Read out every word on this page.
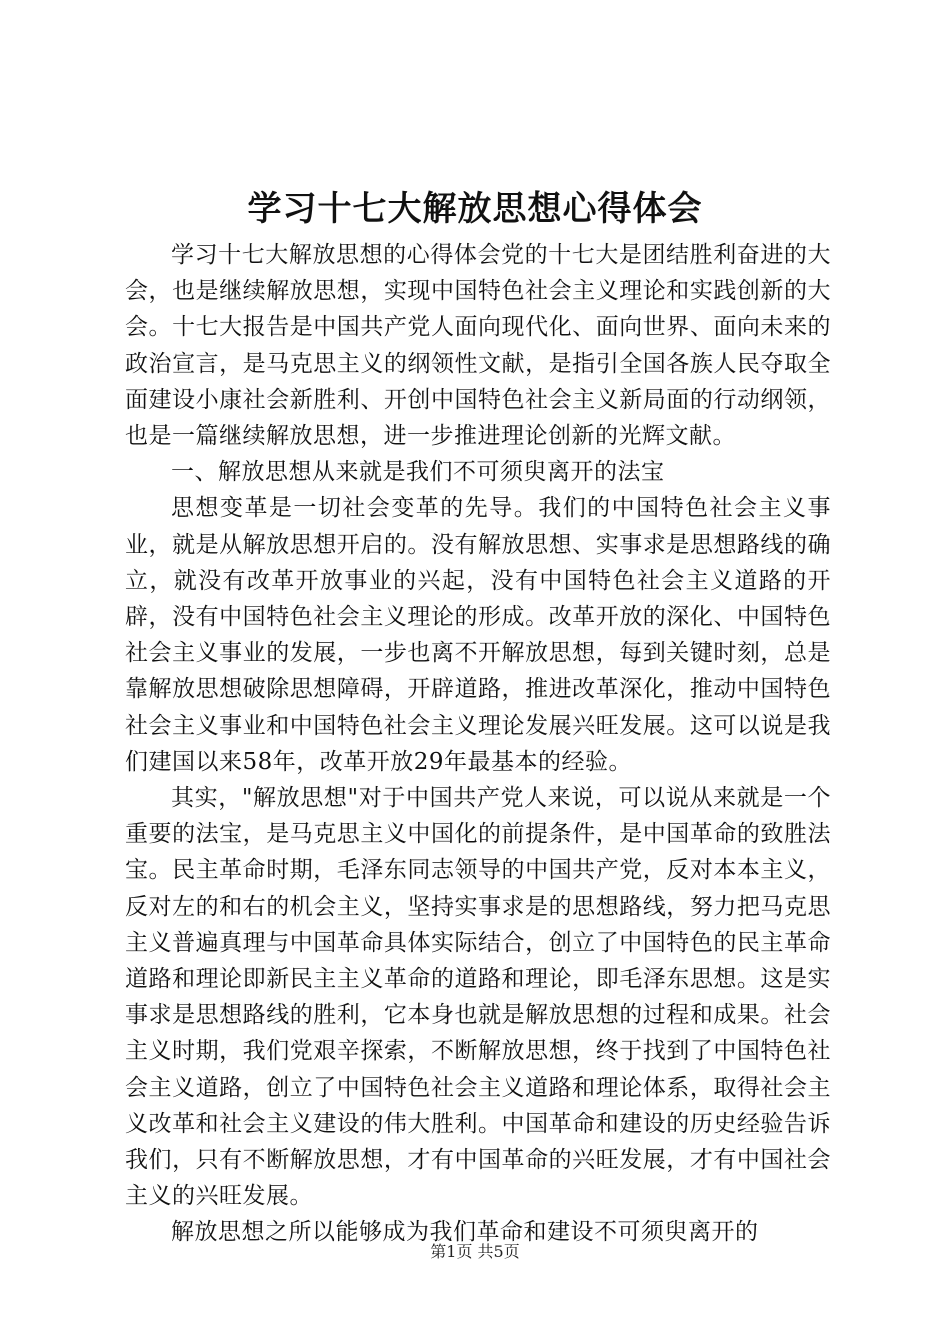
学习十七大解放思想心得体会

学习十七大解放思想的心得体会党的十七大是团结胜利奋进的大会，也是继续解放思想，实现中国特色社会主义理论和实践创新的大会。十七大报告是中国共产党人面向现代化、面向世界、面向未来的政治宣言，是马克思主义的纲领性文献，是指引全国各族人民夺取全面建设小康社会新胜利、开创中国特色社会主义新局面的行动纲领，也是一篇继续解放思想，进一步推进理论创新的光辉文献。

一、解放思想从来就是我们不可须臾离开的法宝

思想变革是一切社会变革的先导。我们的中国特色社会主义事业，就是从解放思想开启的。没有解放思想、实事求是思想路线的确立，就没有改革开放事业的兴起，没有中国特色社会主义道路的开辟，没有中国特色社会主义理论的形成。改革开放的深化、中国特色社会主义事业的发展，一步也离不开解放思想，每到关键时刻，总是靠解放思想破除思想障碍，开辟道路，推进改革深化，推动中国特色社会主义事业和中国特色社会主义理论发展兴旺发展。这可以说是我们建国以来58年，改革开放29年最基本的经验。

其实，"解放思想"对于中国共产党人来说，可以说从来就是一个重要的法宝，是马克思主义中国化的前提条件，是中国革命的致胜法宝。民主革命时期，毛泽东同志领导的中国共产党，反对本本主义，反对左的和右的机会主义，坚持实事求是的思想路线，努力把马克思主义普遍真理与中国革命具体实际结合，创立了中国特色的民主革命道路和理论即新民主主义革命的道路和理论，即毛泽东思想。这是实事求是思想路线的胜利，它本身也就是解放思想的过程和成果。社会主义时期，我们党艰辛探索，不断解放思想，终于找到了中国特色社会主义道路，创立了中国特色社会主义道路和理论体系，取得社会主义改革和社会主义建设的伟大胜利。中国革命和建设的历史经验告诉我们，只有不断解放思想，才有中国革命的兴旺发展，才有中国社会主义的兴旺发展。

解放思想之所以能够成为我们革命和建设不可须臾离开的

第1页 共5页
